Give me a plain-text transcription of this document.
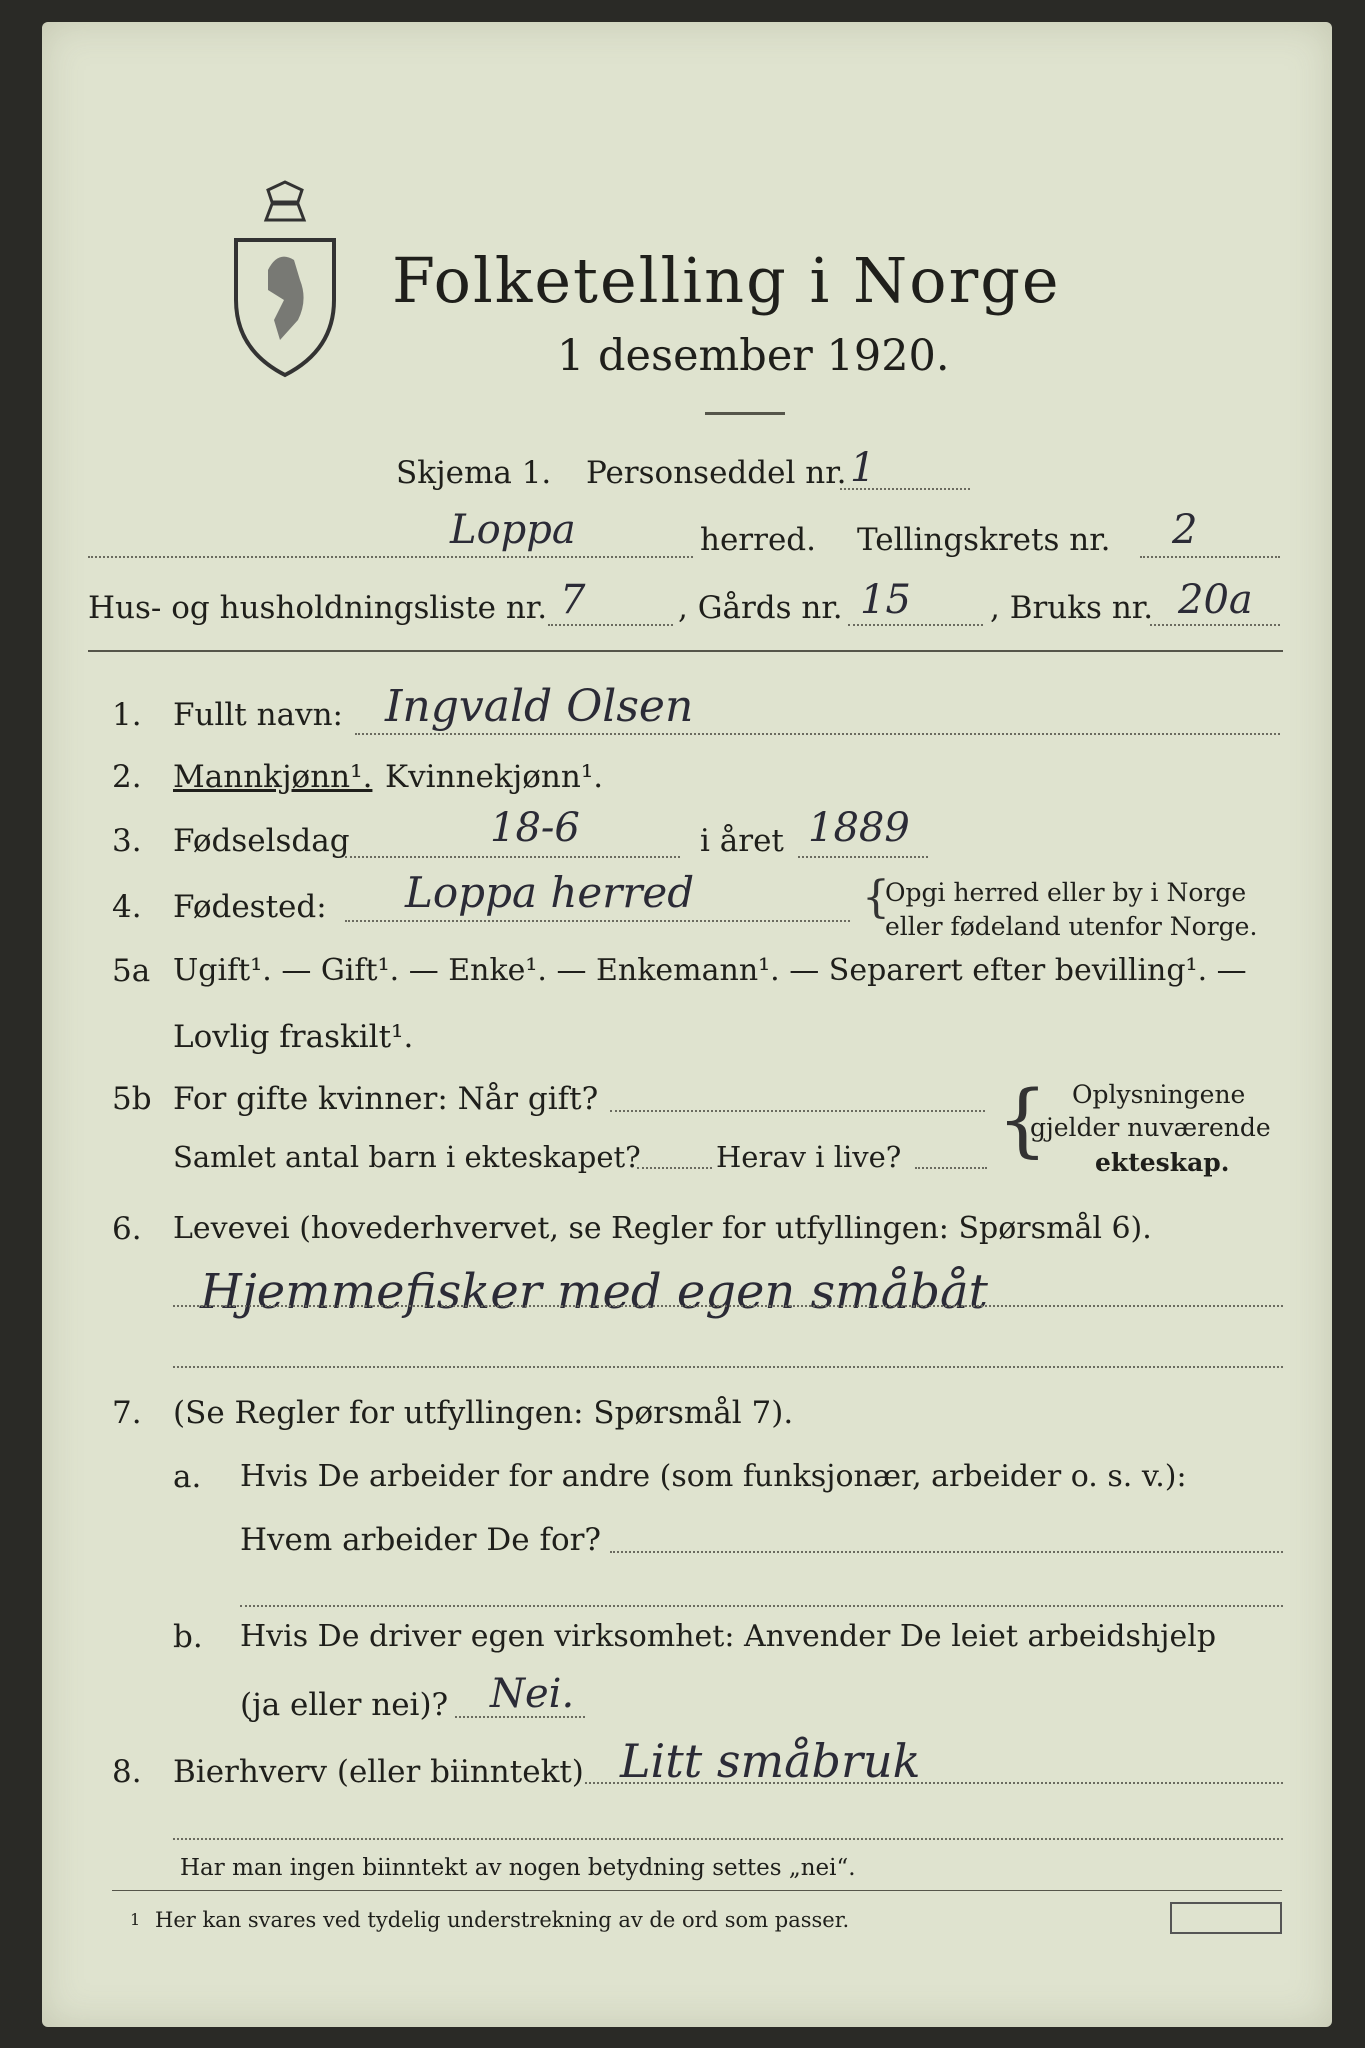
Folketelling i Norge
1 desember 1920.
Skjema 1. Personseddel nr. 1
Loppa	herred. Tellingskrets nr. 2
Hus- og husholdningsliste nr. 7	, Gårds nr. 15	, Bruks nr. 20a
1. Fullt navn: Ingvald Olsen
2. Mannkjønn¹. Kvinnekjønn¹.
3. Fødselsdag	18-6	i året 1889
4. Fødested: Loppa herred	{
Opgi herred eller by i Norge
eller fødeland utenfor Norge.
5a Ugift¹. — Gift¹. — Enke¹. — Enkemann¹. — Separert efter bevilling¹. —
Lovlig fraskilt¹.
5b For gifte kvinner: Når gift?
Samlet antal barn i ekteskapet?	Herav i live? { Oplysningene
gjelder nuværende
ekteskap.
6. Levevei (hovederhvervet, se Regler for utfyllingen: Spørsmål 6).
Hjemmefisker med egen småbåt
7. (Se Regler for utfyllingen: Spørsmål 7).
a. Hvis De arbeider for andre (som funksjonær, arbeider o. s. v.):
Hvem arbeider De for?
b. Hvis De driver egen virksomhet: Anvender De leiet arbeidshjelp
(ja eller nei)? Nei.
8. Bierhverv (eller biinntekt) Litt småbruk
Har man ingen biinntekt av nogen betydning settes „nei“.
1 Her kan svares ved tydelig understrekning av de ord som passer.
